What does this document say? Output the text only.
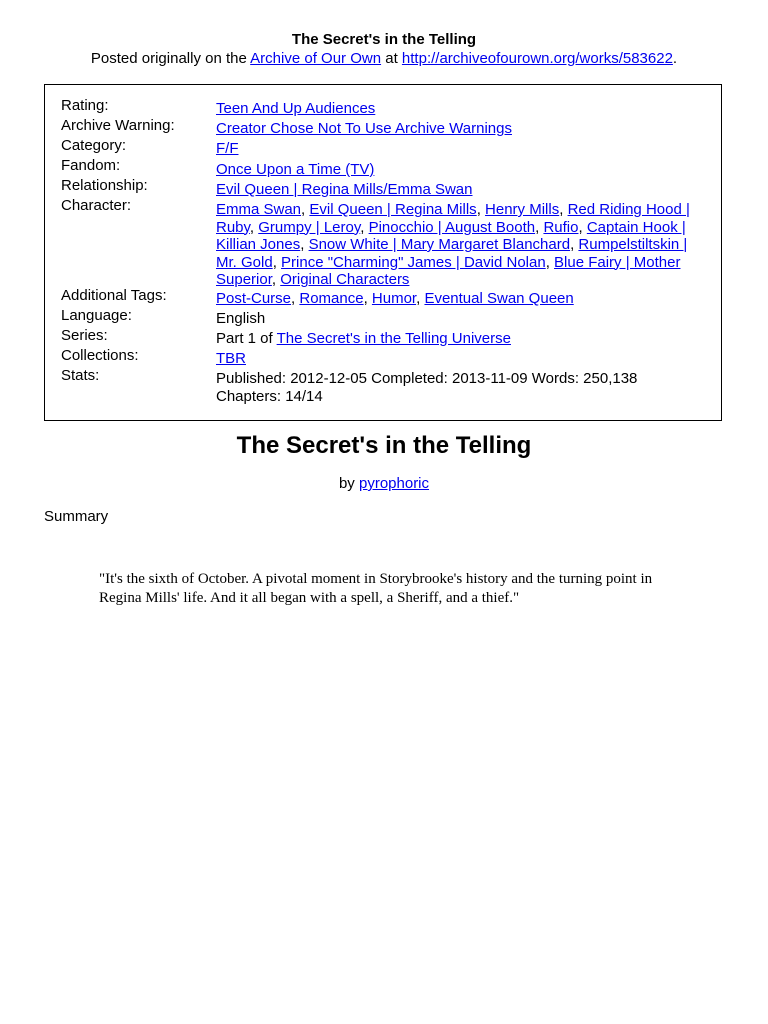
The Secret's in the Telling
Posted originally on the Archive of Our Own at http://archiveofourown.org/works/583622.
Rating:	Teen And Up Audiences
Archive Warning:	Creator Chose Not To Use Archive Warnings
Category:	F/F
Fandom:	Once Upon a Time (TV)
Relationship:	Evil Queen | Regina Mills/Emma Swan
Character:	Emma Swan, Evil Queen | Regina Mills, Henry Mills, Red Riding Hood | Ruby, Grumpy | Leroy, Pinocchio | August Booth, Rufio, Captain Hook | Killian Jones, Snow White | Mary Margaret Blanchard, Rumpelstiltskin | Mr. Gold, Prince "Charming" James | David Nolan, Blue Fairy | Mother Superior, Original Characters
Additional Tags:	Post-Curse, Romance, Humor, Eventual Swan Queen
Language:	English
Series:	Part 1 of The Secret's in the Telling Universe
Collections:	TBR
Stats:	Published: 2012-12-05 Completed: 2013-11-09 Words: 250,138
Chapters: 14/14
The Secret's in the Telling
by pyrophoric
Summary
"It's the sixth of October. A pivotal moment in Storybrooke's history and the turning point in Regina Mills' life. And it all began with a spell, a Sheriff, and a thief."
